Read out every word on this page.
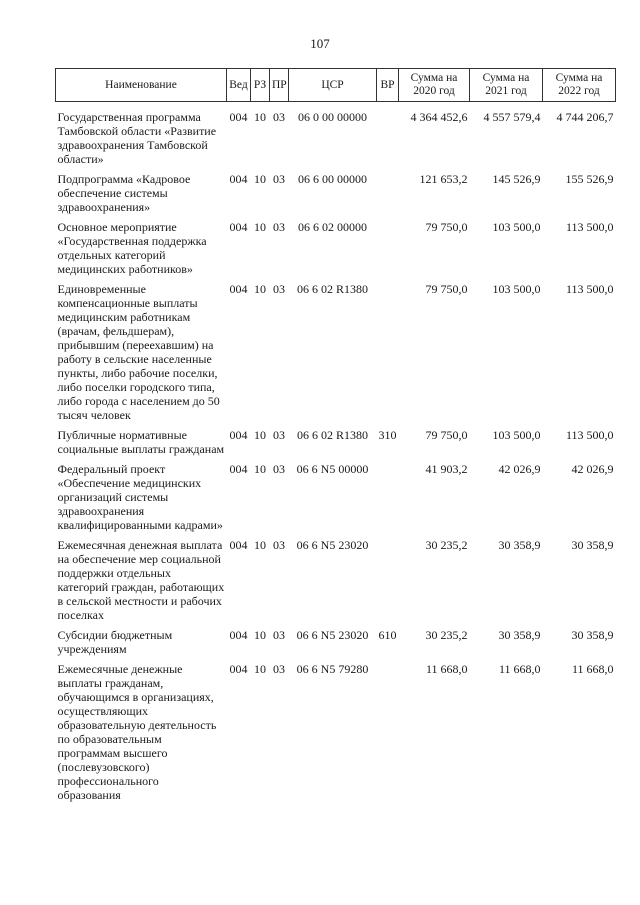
107
Наименование	Вед	РЗ	ПР	ЦСР	ВР	Сумма на 2020 год	Сумма на 2021 год	Сумма на 2022 год

Государственная программа Тамбовской области «Развитие здравоохранения Тамбовской области»	004	10	03	06 0 00 00000		4 364 452,6	4 557 579,4	4 744 206,7
Подпрограмма «Кадровое обеспечение системы здравоохранения»	004	10	03	06 6 00 00000		121 653,2	145 526,9	155 526,9
Основное мероприятие «Государственная поддержка отдельных категорий медицинских работников»	004	10	03	06 6 02 00000		79 750,0	103 500,0	113 500,0
Единовременные компенсационные выплаты медицинским работникам (врачам, фельдшерам), прибывшим (переехавшим) на работу в сельские населенные пункты, либо рабочие поселки, либо поселки городского типа, либо города с населением до 50 тысяч человек	004	10	03	06 6 02 R1380		79 750,0	103 500,0	113 500,0
Публичные нормативные социальные выплаты гражданам	004	10	03	06 6 02 R1380	310	79 750,0	103 500,0	113 500,0
Федеральный проект «Обеспечение медицинских организаций системы здравоохранения квалифицированными кадрами»	004	10	03	06 6 N5 00000		41 903,2	42 026,9	42 026,9
Ежемесячная денежная выплата на обеспечение мер социальной поддержки отдельных категорий граждан, работающих в сельской местности и рабочих поселках	004	10	03	06 6 N5 23020		30 235,2	30 358,9	30 358,9
Субсидии бюджетным учреждениям	004	10	03	06 6 N5 23020	610	30 235,2	30 358,9	30 358,9
Ежемесячные денежные выплаты гражданам, обучающимся в организациях, осуществляющих образовательную деятельность по образовательным программам высшего (послевузовского) профессионального образования	004	10	03	06 6 N5 79280		11 668,0	11 668,0	11 668,0
